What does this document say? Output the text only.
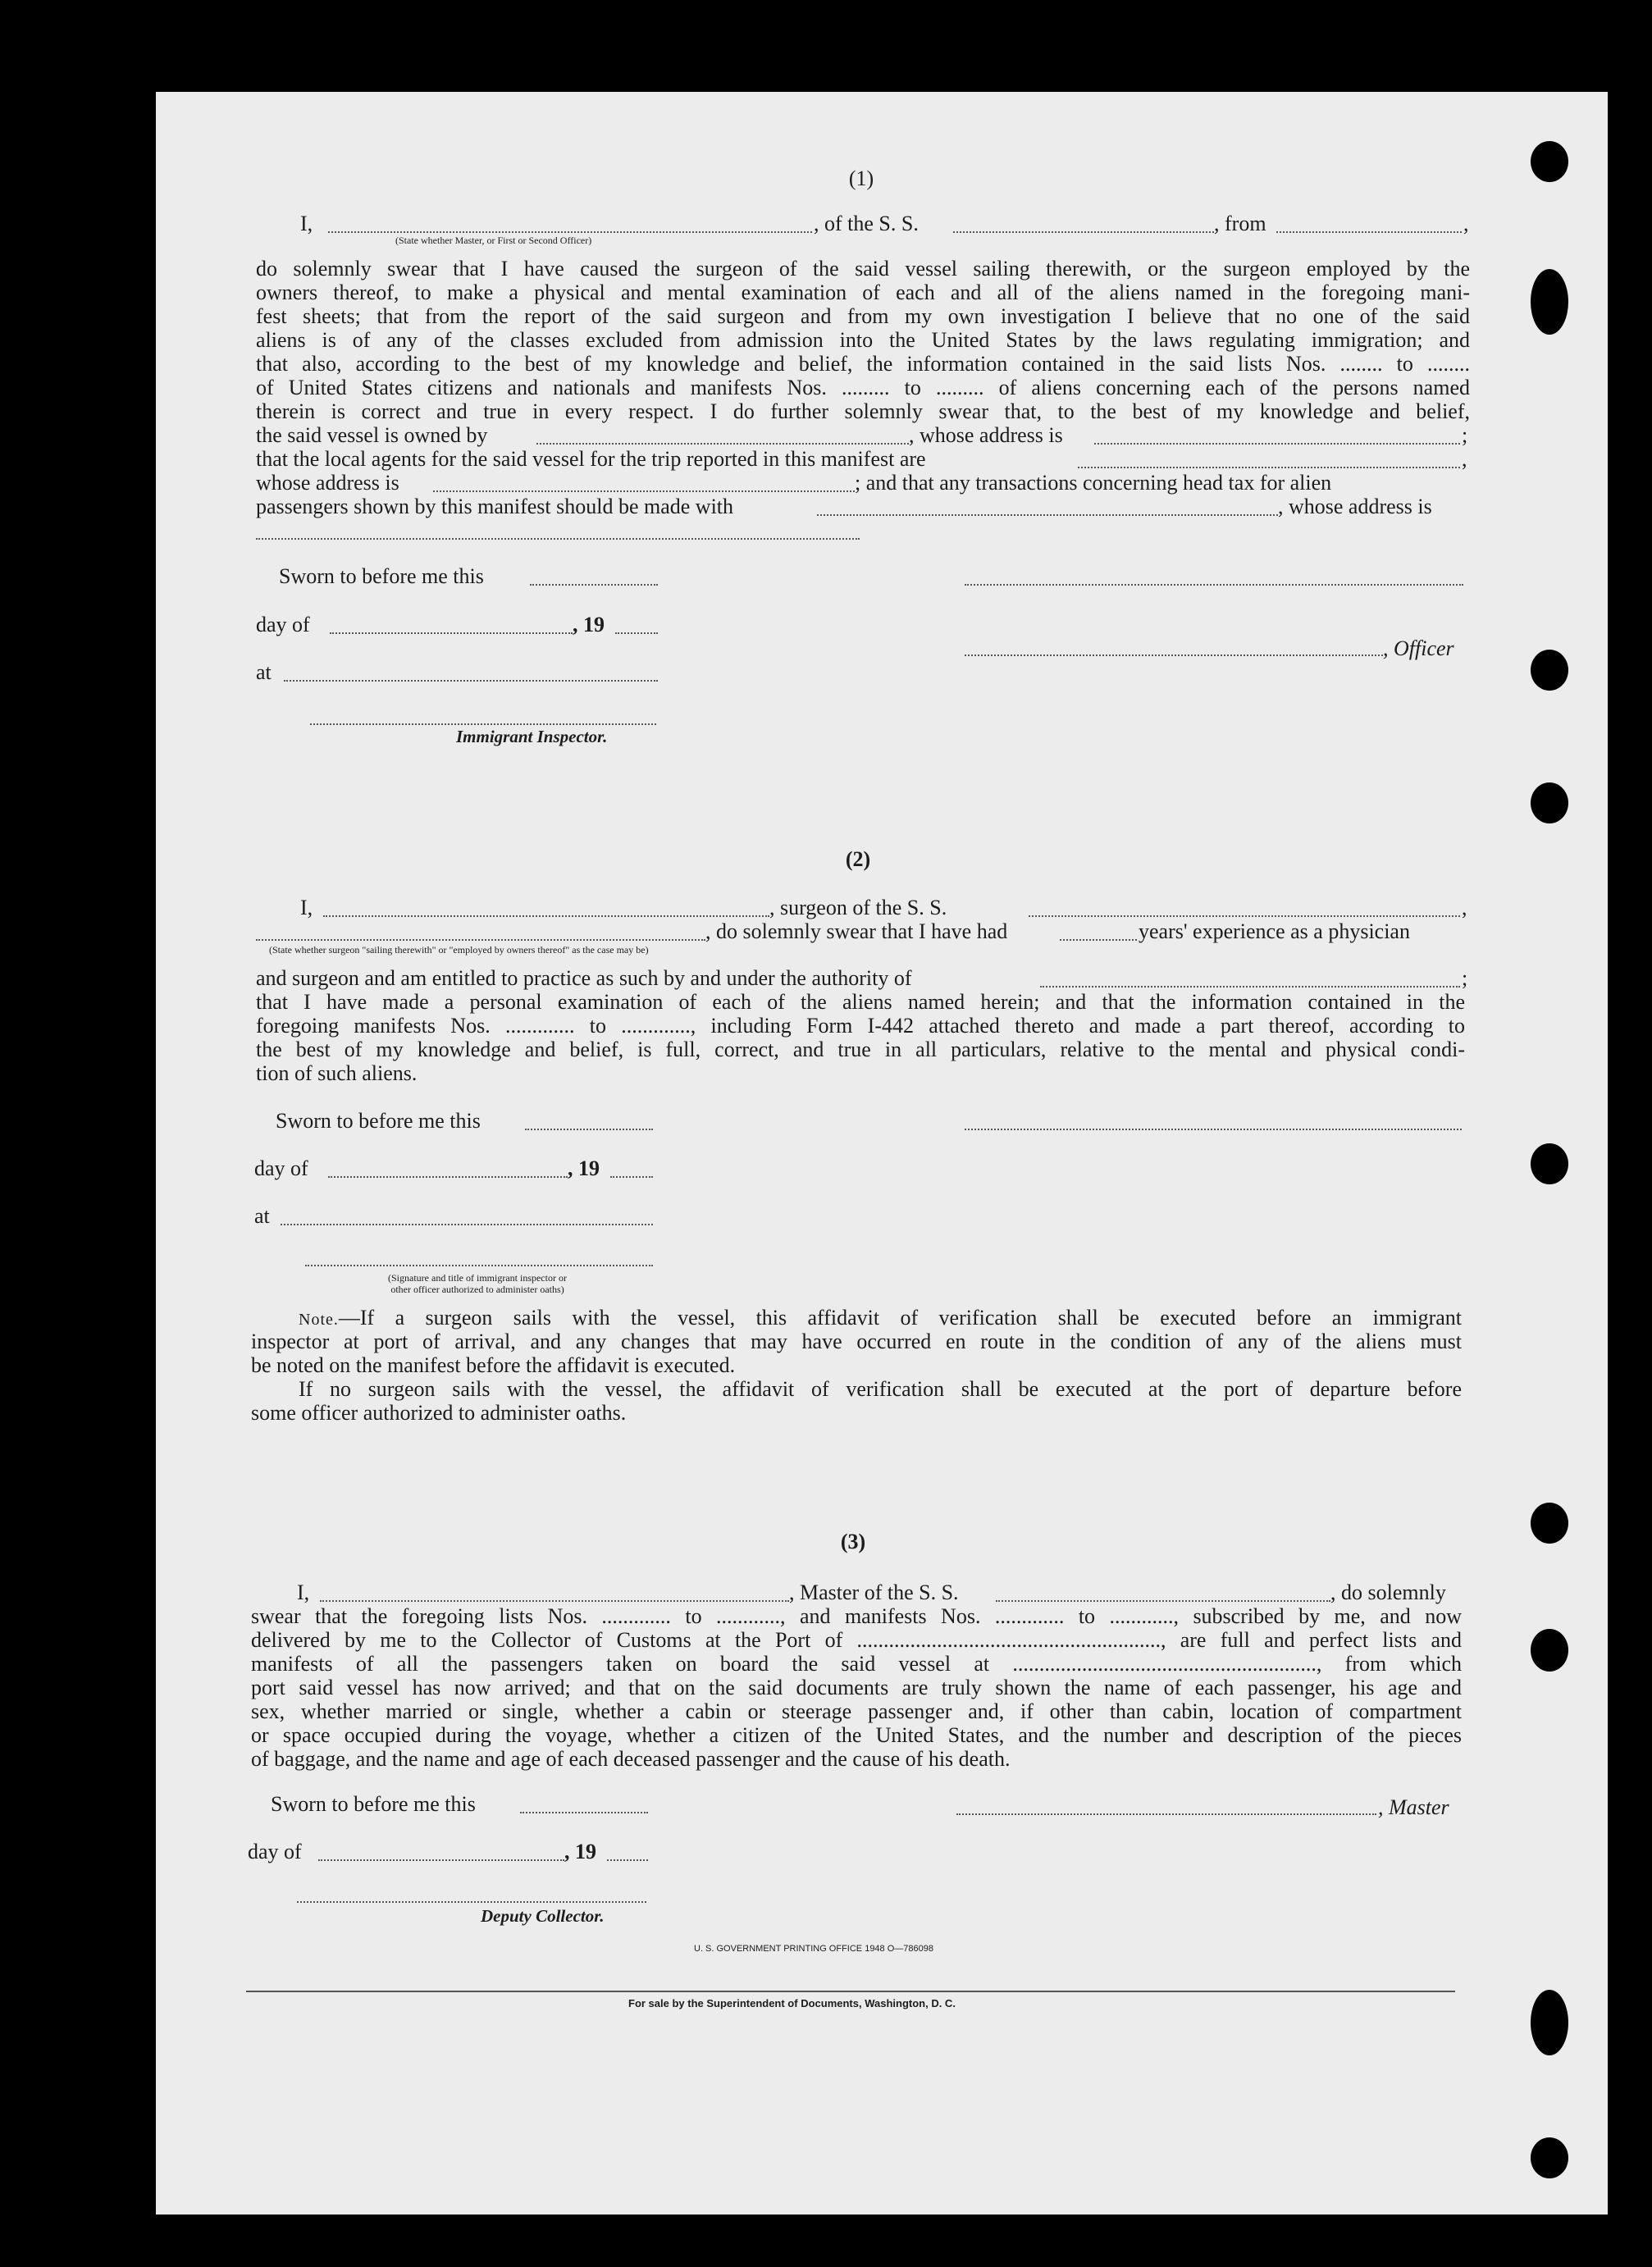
(1)
I,	, of the S. S.	, from	,
(State whether Master, or First or Second Officer)
do solemnly swear that I have caused the surgeon of the said vessel sailing therewith, or the surgeon employed by the
owners thereof, to make a physical and mental examination of each and all of the aliens named in the foregoing mani-
fest sheets; that from the report of the said surgeon and from my own investigation I believe that no one of the said
aliens is of any of the classes excluded from admission into the United States by the laws regulating immigration; and
that also, according to the best of my knowledge and belief, the information contained in the said lists Nos. ........ to ........
of United States citizens and nationals and manifests Nos. ......... to ......... of aliens concerning each of the persons named
therein is correct and true in every respect. I do further solemnly swear that, to the best of my knowledge and belief,
the said vessel is owned by	, whose address is	;
that the local agents for the said vessel for the trip reported in this manifest are	,
whose address is	; and that any transactions concerning head tax for alien
passengers shown by this manifest should be made with	, whose address is
Sworn to before me this
day of	, 19
, Officer
at
Immigrant Inspector.
(2)
I,	, surgeon of the S. S.	,
, do solemnly swear that I have had	years' experience as a physician
(State whether surgeon "sailing therewith" or "employed by owners thereof" as the case may be)
and surgeon and am entitled to practice as such by and under the authority of	;
that I have made a personal examination of each of the aliens named herein; and that the information contained in the
foregoing manifests Nos. ............. to ............., including Form I-442 attached thereto and made a part thereof, according to
the best of my knowledge and belief, is full, correct, and true in all particulars, relative to the mental and physical condi-
tion of such aliens.
Sworn to before me this
day of	, 19
at
(Signature and title of immigrant inspector or
other officer authorized to administer oaths)
Note.—If a surgeon sails with the vessel, this affidavit of verification shall be executed before an immigrant
inspector at port of arrival, and any changes that may have occurred en route in the condition of any of the aliens must
be noted on the manifest before the affidavit is executed.
If no surgeon sails with the vessel, the affidavit of verification shall be executed at the port of departure before
some officer authorized to administer oaths.
(3)
I,	, Master of the S. S.	, do solemnly
swear that the foregoing lists Nos. ............. to ............, and manifests Nos. ............. to ............, subscribed by me, and now
delivered by me to the Collector of Customs at the Port of ........................................................., are full and perfect lists and
manifests of all the passengers taken on board the said vessel at ........................................................., from which
port said vessel has now arrived; and that on the said documents are truly shown the name of each passenger, his age and
sex, whether married or single, whether a cabin or steerage passenger and, if other than cabin, location of compartment
or space occupied during the voyage, whether a citizen of the United States, and the number and description of the pieces
of baggage, and the name and age of each deceased passenger and the cause of his death.
Sworn to before me this	, Master
day of	, 19
Deputy Collector.
U. S. GOVERNMENT PRINTING OFFICE 1948 O—786098
For sale by the Superintendent of Documents, Washington, D. C.
